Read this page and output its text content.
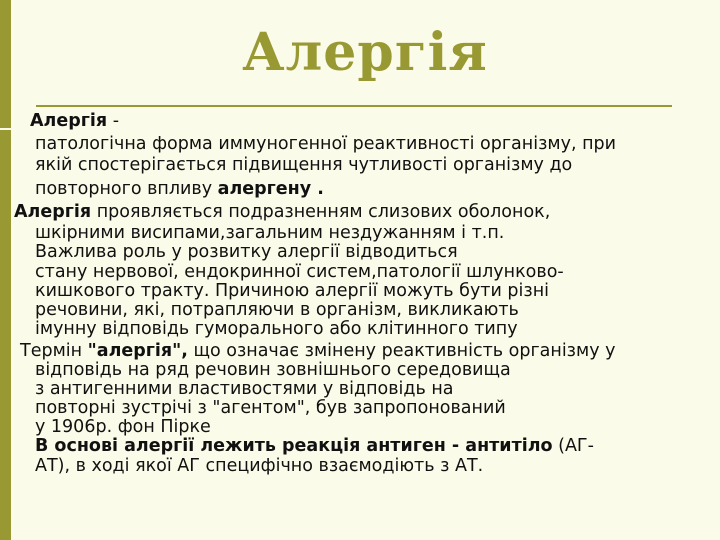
Алергія
Алергія -
патологічна форма иммуногенної реактивності організму, при
якій спостерігається підвищення чутливості організму до
повторного впливу алергену .
Алергія проявляється подразненням слизових оболонок,
шкірними висипами,загальним нездужанням і т.п.
Важлива роль у розвитку алергії відводиться
стану нервової, ендокринної систем,патології шлунково-
кишкового тракту. Причиною алергії можуть бути різні
речовини, які, потрапляючи в організм, викликають
імунну відповідь гуморального або клітинного типу
Термін "алергія", що означає змінену реактивність організму у
відповідь на ряд речовин зовнішнього середовища
з антигенними властивостями у відповідь на
повторні зустрічі з "агентом", був запропонований
у 1906р. фон Пірке
В основі алергії лежить реакція антиген - антитіло (АГ-
АТ), в ході якої АГ специфічно взаємодіють з АТ.
